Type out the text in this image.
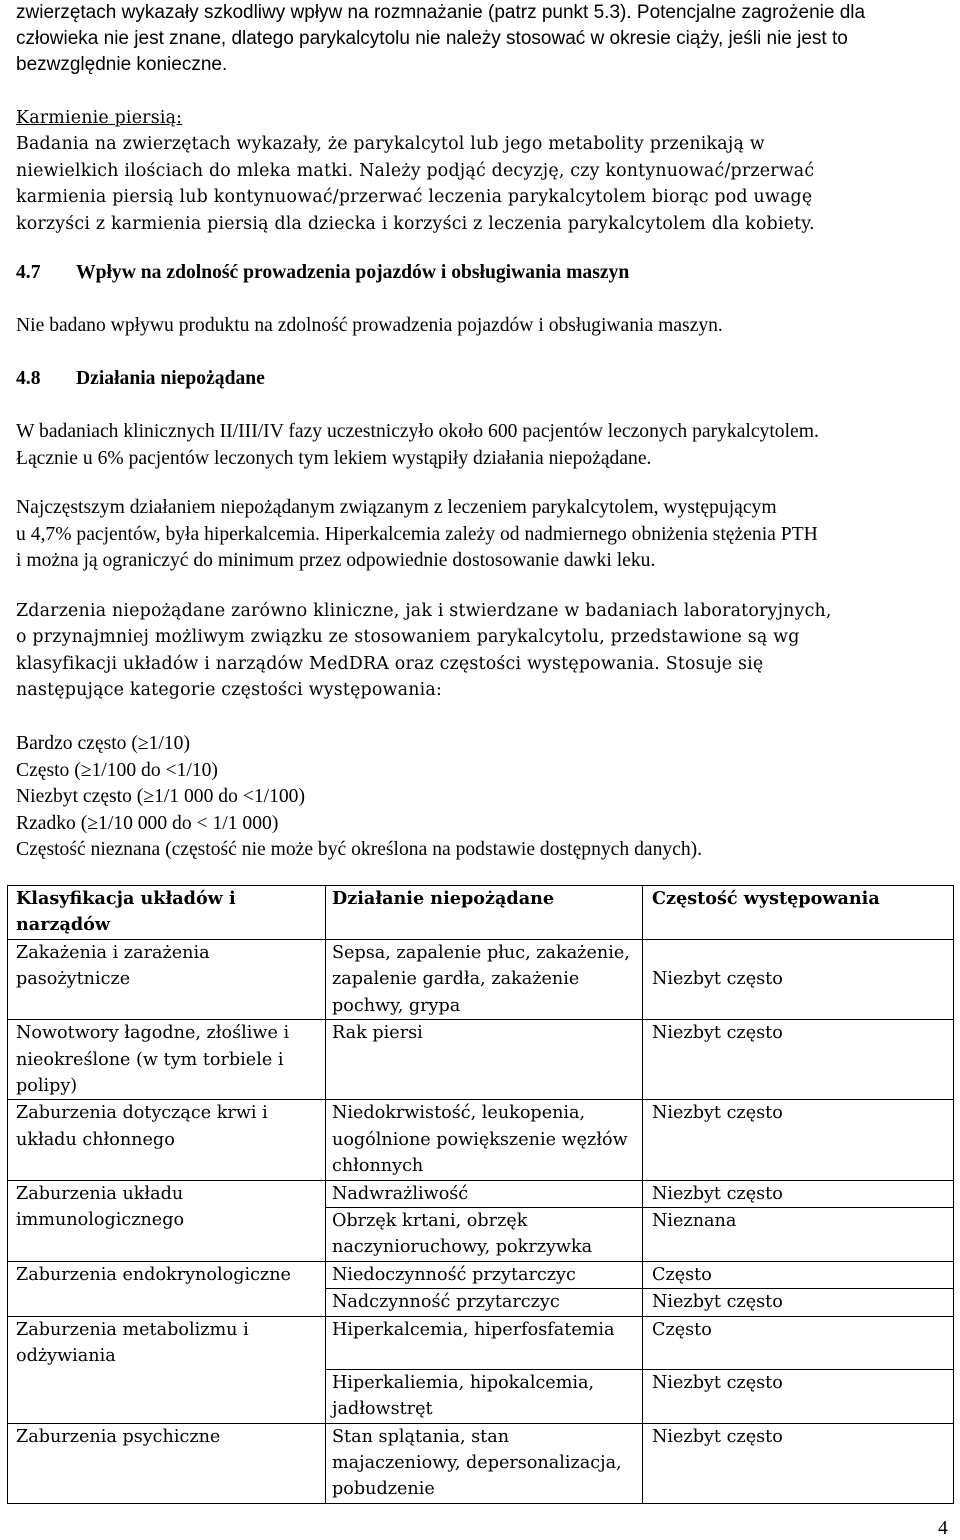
zwierzętach wykazały szkodliwy wpływ na rozmnażanie (patrz punkt 5.3). Potencjalne zagrożenie dla
człowieka nie jest znane, dlatego parykalcytolu nie należy stosować w okresie ciąży, jeśli nie jest to
bezwzględnie konieczne.
Karmienie piersią:
Badania na zwierzętach wykazały, że parykalcytol lub jego metabolity przenikają w
niewielkich ilościach do mleka matki. Należy podjąć decyzję, czy kontynuować/przerwać
karmienia piersią lub kontynuować/przerwać leczenia parykalcytolem biorąc pod uwagę
korzyści z karmienia piersią dla dziecka i korzyści z leczenia parykalcytolem dla kobiety.
4.7 Wpływ na zdolność prowadzenia pojazdów i obsługiwania maszyn
Nie badano wpływu produktu na zdolność prowadzenia pojazdów i obsługiwania maszyn.
4.8 Działania niepożądane
W badaniach klinicznych II/III/IV fazy uczestniczyło około 600 pacjentów leczonych parykalcytolem.
Łącznie u 6% pacjentów leczonych tym lekiem wystąpiły działania niepożądane.
Najczęstszym działaniem niepożądanym związanym z leczeniem parykalcytolem, występującym
u 4,7% pacjentów, była hiperkalcemia. Hiperkalcemia zależy od nadmiernego obniżenia stężenia PTH
i można ją ograniczyć do minimum przez odpowiednie dostosowanie dawki leku.
Zdarzenia niepożądane zarówno kliniczne, jak i stwierdzane w badaniach laboratoryjnych,
o przynajmniej możliwym związku ze stosowaniem parykalcytolu, przedstawione są wg
klasyfikacji układów i narządów MedDRA oraz częstości występowania. Stosuje się
następujące kategorie częstości występowania:
Bardzo często (≥1/10)
Często (≥1/100 do <1/10)
Niezbyt często (≥1/1 000 do <1/100)
Rzadko (≥1/10 000 do < 1/1 000)
Częstość nieznana (częstość nie może być określona na podstawie dostępnych danych).
Klasyfikacja układów i narządów	Działanie niepożądane	Częstość występowania

Zakażenia i zarażenia pasożytnicze	Sepsa, zapalenie płuc, zakażenie, zapalenie gardła, zakażenie pochwy, grypa	Niezbyt często

Nowotwory łagodne, złośliwe i nieokreślone (w tym torbiele i polipy)	Rak piersi	Niezbyt często

Zaburzenia dotyczące krwi i układu chłonnego	Niedokrwistość, leukopenia, uogólnione powiększenie węzłów chłonnych	Niezbyt często

Zaburzenia układu immunologicznego	Nadwrażliwość	Niezbyt często

	Obrzęk krtani, obrzęk naczynioruchowy, pokrzywka	Nieznana

Zaburzenia endokrynologiczne	Niedoczynność przytarczyc	Często

	Nadczynność przytarczyc	Niezbyt często

Zaburzenia metabolizmu i odżywiania	Hiperkalcemia, hiperfosfatemia	Często

	Hiperkaliemia, hipokalcemia, jadłowstręt	Niezbyt często

Zaburzenia psychiczne	Stan splątania, stan majaczeniowy, depersonalizacja, pobudzenie	Niezbyt często
4
